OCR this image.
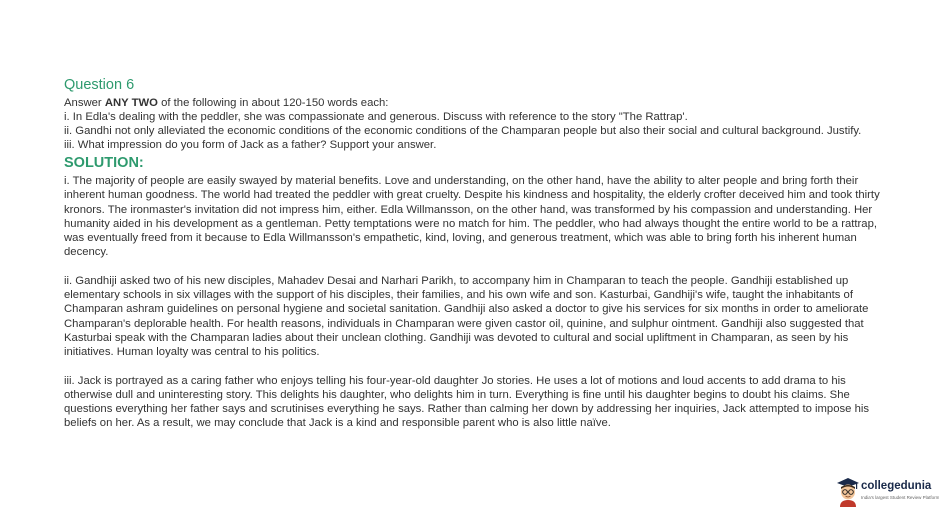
Question 6

Answer ANY TWO of the following in about 120-150 words each:

i. In Edla's dealing with the peddler, she was compassionate and generous. Discuss with reference to the story "The Rattrap'.

ii. Gandhi not only alleviated the economic conditions of the economic conditions of the Champaran people but also their social and cultural background. Justify.

iii. What impression do you form of Jack as a father? Support your answer.

SOLUTION:

i. The majority of people are easily swayed by material benefits. Love and understanding, on the other hand, have the ability to alter people and bring forth their inherent human goodness. The world had treated the peddler with great cruelty. Despite his kindness and hospitality, the elderly crofter deceived him and took thirty kronors. The ironmaster's invitation did not impress him, either. Edla Willmansson, on the other hand, was transformed by his compassion and understanding. Her humanity aided in his development as a gentleman. Petty temptations were no match for him. The peddler, who had always thought the entire world to be a rattrap, was eventually freed from it because to Edla Willmansson's empathetic, kind, loving, and generous treatment, which was able to bring forth his inherent human decency.

ii. Gandhiji asked two of his new disciples, Mahadev Desai and Narhari Parikh, to accompany him in Champaran to teach the people. Gandhiji established up elementary schools in six villages with the support of his disciples, their families, and his own wife and son. Kasturbai, Gandhiji's wife, taught the inhabitants of Champaran ashram guidelines on personal hygiene and societal sanitation. Gandhiji also asked a doctor to give his services for six months in order to ameliorate Champaran's deplorable health. For health reasons, individuals in Champaran were given castor oil, quinine, and sulphur ointment. Gandhiji also suggested that Kasturbai speak with the Champaran ladies about their unclean clothing. Gandhiji was devoted to cultural and social upliftment in Champaran, as seen by his initiatives. Human loyalty was central to his politics.

iii. Jack is portrayed as a caring father who enjoys telling his four-year-old daughter Jo stories. He uses a lot of motions and loud accents to add drama to his otherwise dull and uninteresting story. This delights his daughter, who delights him in turn. Everything is fine until his daughter begins to doubt his claims. She questions everything her father says and scrutinises everything he says. Rather than calming her down by addressing her inquiries, Jack attempted to impose his beliefs on her. As a result, we may conclude that Jack is a kind and responsible parent who is also little naïve.

collegedunia
India's largest Student Review Platform
